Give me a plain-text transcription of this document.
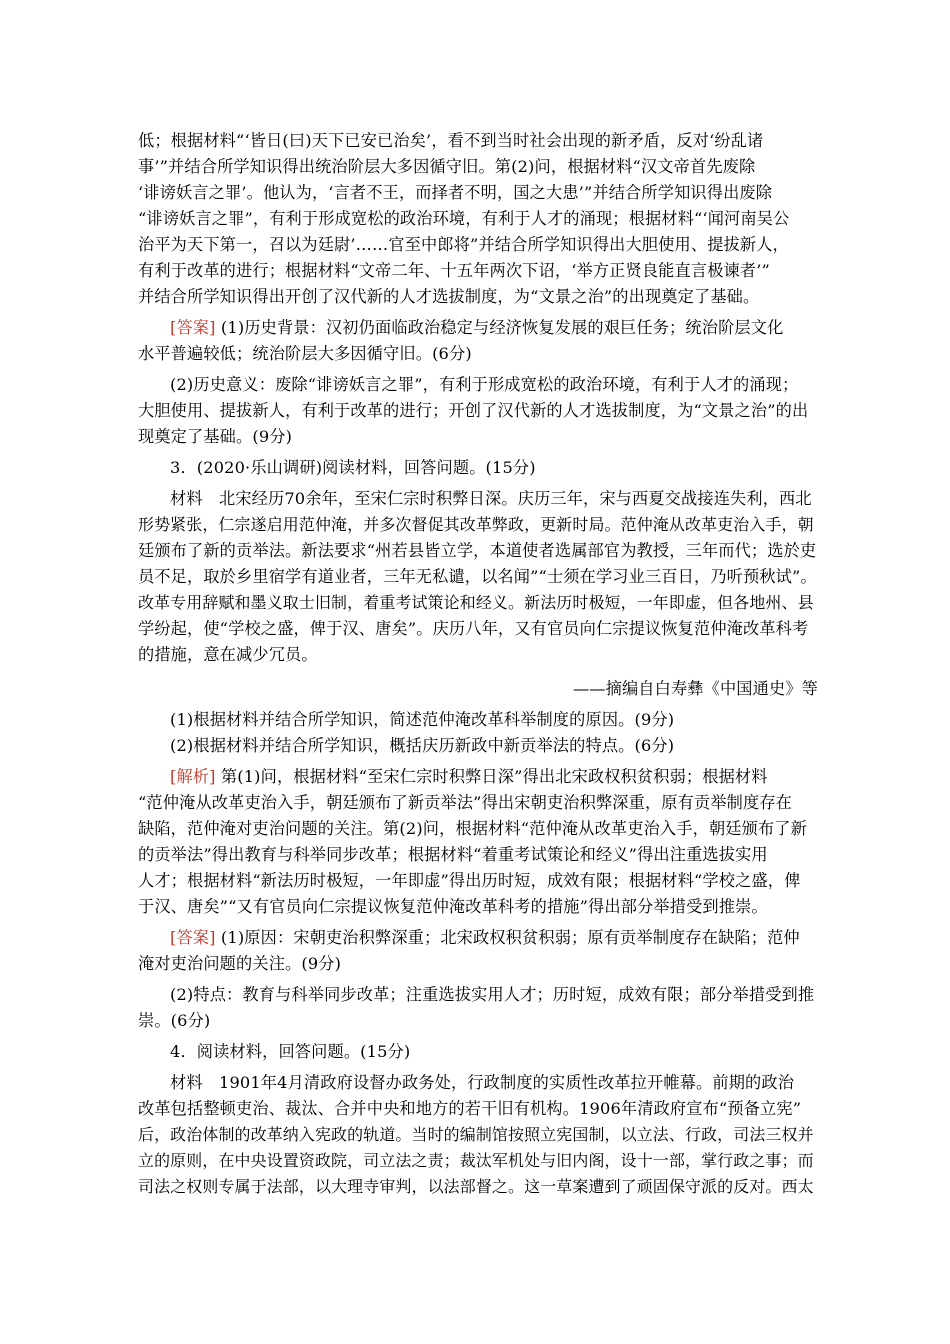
低；根据材料“‘皆日(曰)天下已安已治矣’，看不到当时社会出现的新矛盾，反对‘纷乱诸

事’”并结合所学知识得出统治阶层大多因循守旧。第(2)问，根据材料“汉文帝首先废除

‘诽谤妖言之罪’。他认为，‘言者不王，而择者不明，国之大患’”并结合所学知识得出废除

“诽谤妖言之罪”，有利于形成宽松的政治环境，有利于人才的涌现；根据材料“‘闻河南吴公

治平为天下第一，召以为廷尉’……官至中郎将”并结合所学知识得出大胆使用、提拔新人，

有利于改革的进行；根据材料“文帝二年、十五年两次下诏，‘举方正贤良能直言极谏者’”

并结合所学知识得出开创了汉代新的人才选拔制度，为“文景之治”的出现奠定了基础。

[答案] (1)历史背景：汉初仍面临政治稳定与经济恢复发展的艰巨任务；统治阶层文化

水平普遍较低；统治阶层大多因循守旧。(6分)

(2)历史意义：废除“诽谤妖言之罪”，有利于形成宽松的政治环境，有利于人才的涌现；

大胆使用、提拔新人，有利于改革的进行；开创了汉代新的人才选拔制度，为“文景之治”的出

现奠定了基础。(9分)

3．(2020·乐山调研)阅读材料，回答问题。(15分)

材料　北宋经历70余年，至宋仁宗时积弊日深。庆历三年，宋与西夏交战接连失利，西北

形势紧张，仁宗遂启用范仲淹，并多次督促其改革弊政，更新时局。范仲淹从改革吏治入手，朝

廷颁布了新的贡举法。新法要求“州若县皆立学，本道使者选属部官为教授，三年而代；选於吏

员不足，取於乡里宿学有道业者，三年无私谴，以名闻”“士须在学习业三百日，乃听预秋试”。

改革专用辞赋和墨义取士旧制，着重考试策论和经义。新法历时极短，一年即虚，但各地州、县

学纷起，使“学校之盛，俾于汉、唐矣”。庆历八年，又有官员向仁宗提议恢复范仲淹改革科考

的措施，意在减少冗员。

——摘编自白寿彝《中国通史》等

(1)根据材料并结合所学知识，简述范仲淹改革科举制度的原因。(9分)

(2)根据材料并结合所学知识，概括庆历新政中新贡举法的特点。(6分)

[解析] 第(1)问，根据材料“至宋仁宗时积弊日深”得出北宋政权积贫积弱；根据材料

“范仲淹从改革吏治入手，朝廷颁布了新贡举法”得出宋朝吏治积弊深重，原有贡举制度存在

缺陷，范仲淹对吏治问题的关注。第(2)问，根据材料“范仲淹从改革吏治入手，朝廷颁布了新

的贡举法”得出教育与科举同步改革；根据材料“着重考试策论和经义”得出注重选拔实用

人才；根据材料“新法历时极短，一年即虚”得出历时短，成效有限；根据材料“学校之盛，俾

于汉、唐矣”“又有官员向仁宗提议恢复范仲淹改革科考的措施”得出部分举措受到推崇。

[答案] (1)原因：宋朝吏治积弊深重；北宋政权积贫积弱；原有贡举制度存在缺陷；范仲

淹对吏治问题的关注。(9分)

(2)特点：教育与科举同步改革；注重选拔实用人才；历时短，成效有限；部分举措受到推

崇。(6分)

4．阅读材料，回答问题。(15分)

材料　1901年4月清政府设督办政务处，行政制度的实质性改革拉开帷幕。前期的政治

改革包括整顿吏治、裁汰、合并中央和地方的若干旧有机构。1906年清政府宣布“预备立宪”

后，政治体制的改革纳入宪政的轨道。当时的编制馆按照立宪国制，以立法、行政，司法三权并

立的原则，在中央设置资政院，司立法之责；裁汰军机处与旧内阁，设十一部，掌行政之事；而

司法之权则专属于法部，以大理寺审判，以法部督之。这一草案遭到了顽固保守派的反对。西太
